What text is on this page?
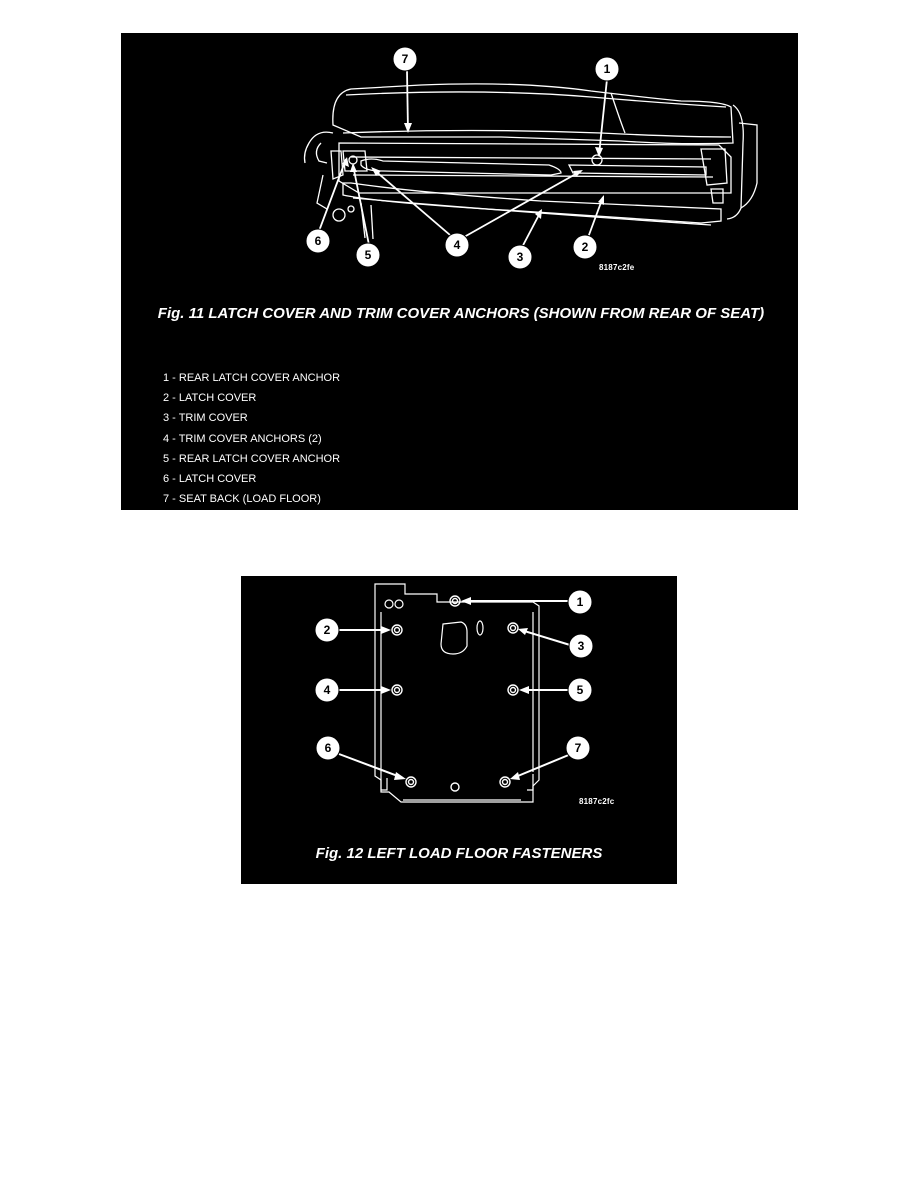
7
1
6
5
4
3
2
8187c2fe
Fig. 11 LATCH COVER AND TRIM COVER ANCHORS (SHOWN FROM REAR OF SEAT)
1 - REAR LATCH COVER ANCHOR
2 - LATCH COVER
3 - TRIM COVER
4 - TRIM COVER ANCHORS (2)
5 - REAR LATCH COVER ANCHOR
6 - LATCH COVER
7 - SEAT BACK (LOAD FLOOR)
1
2
3
4	5
6	7
8187c2fc
Fig. 12 LEFT LOAD FLOOR FASTENERS
